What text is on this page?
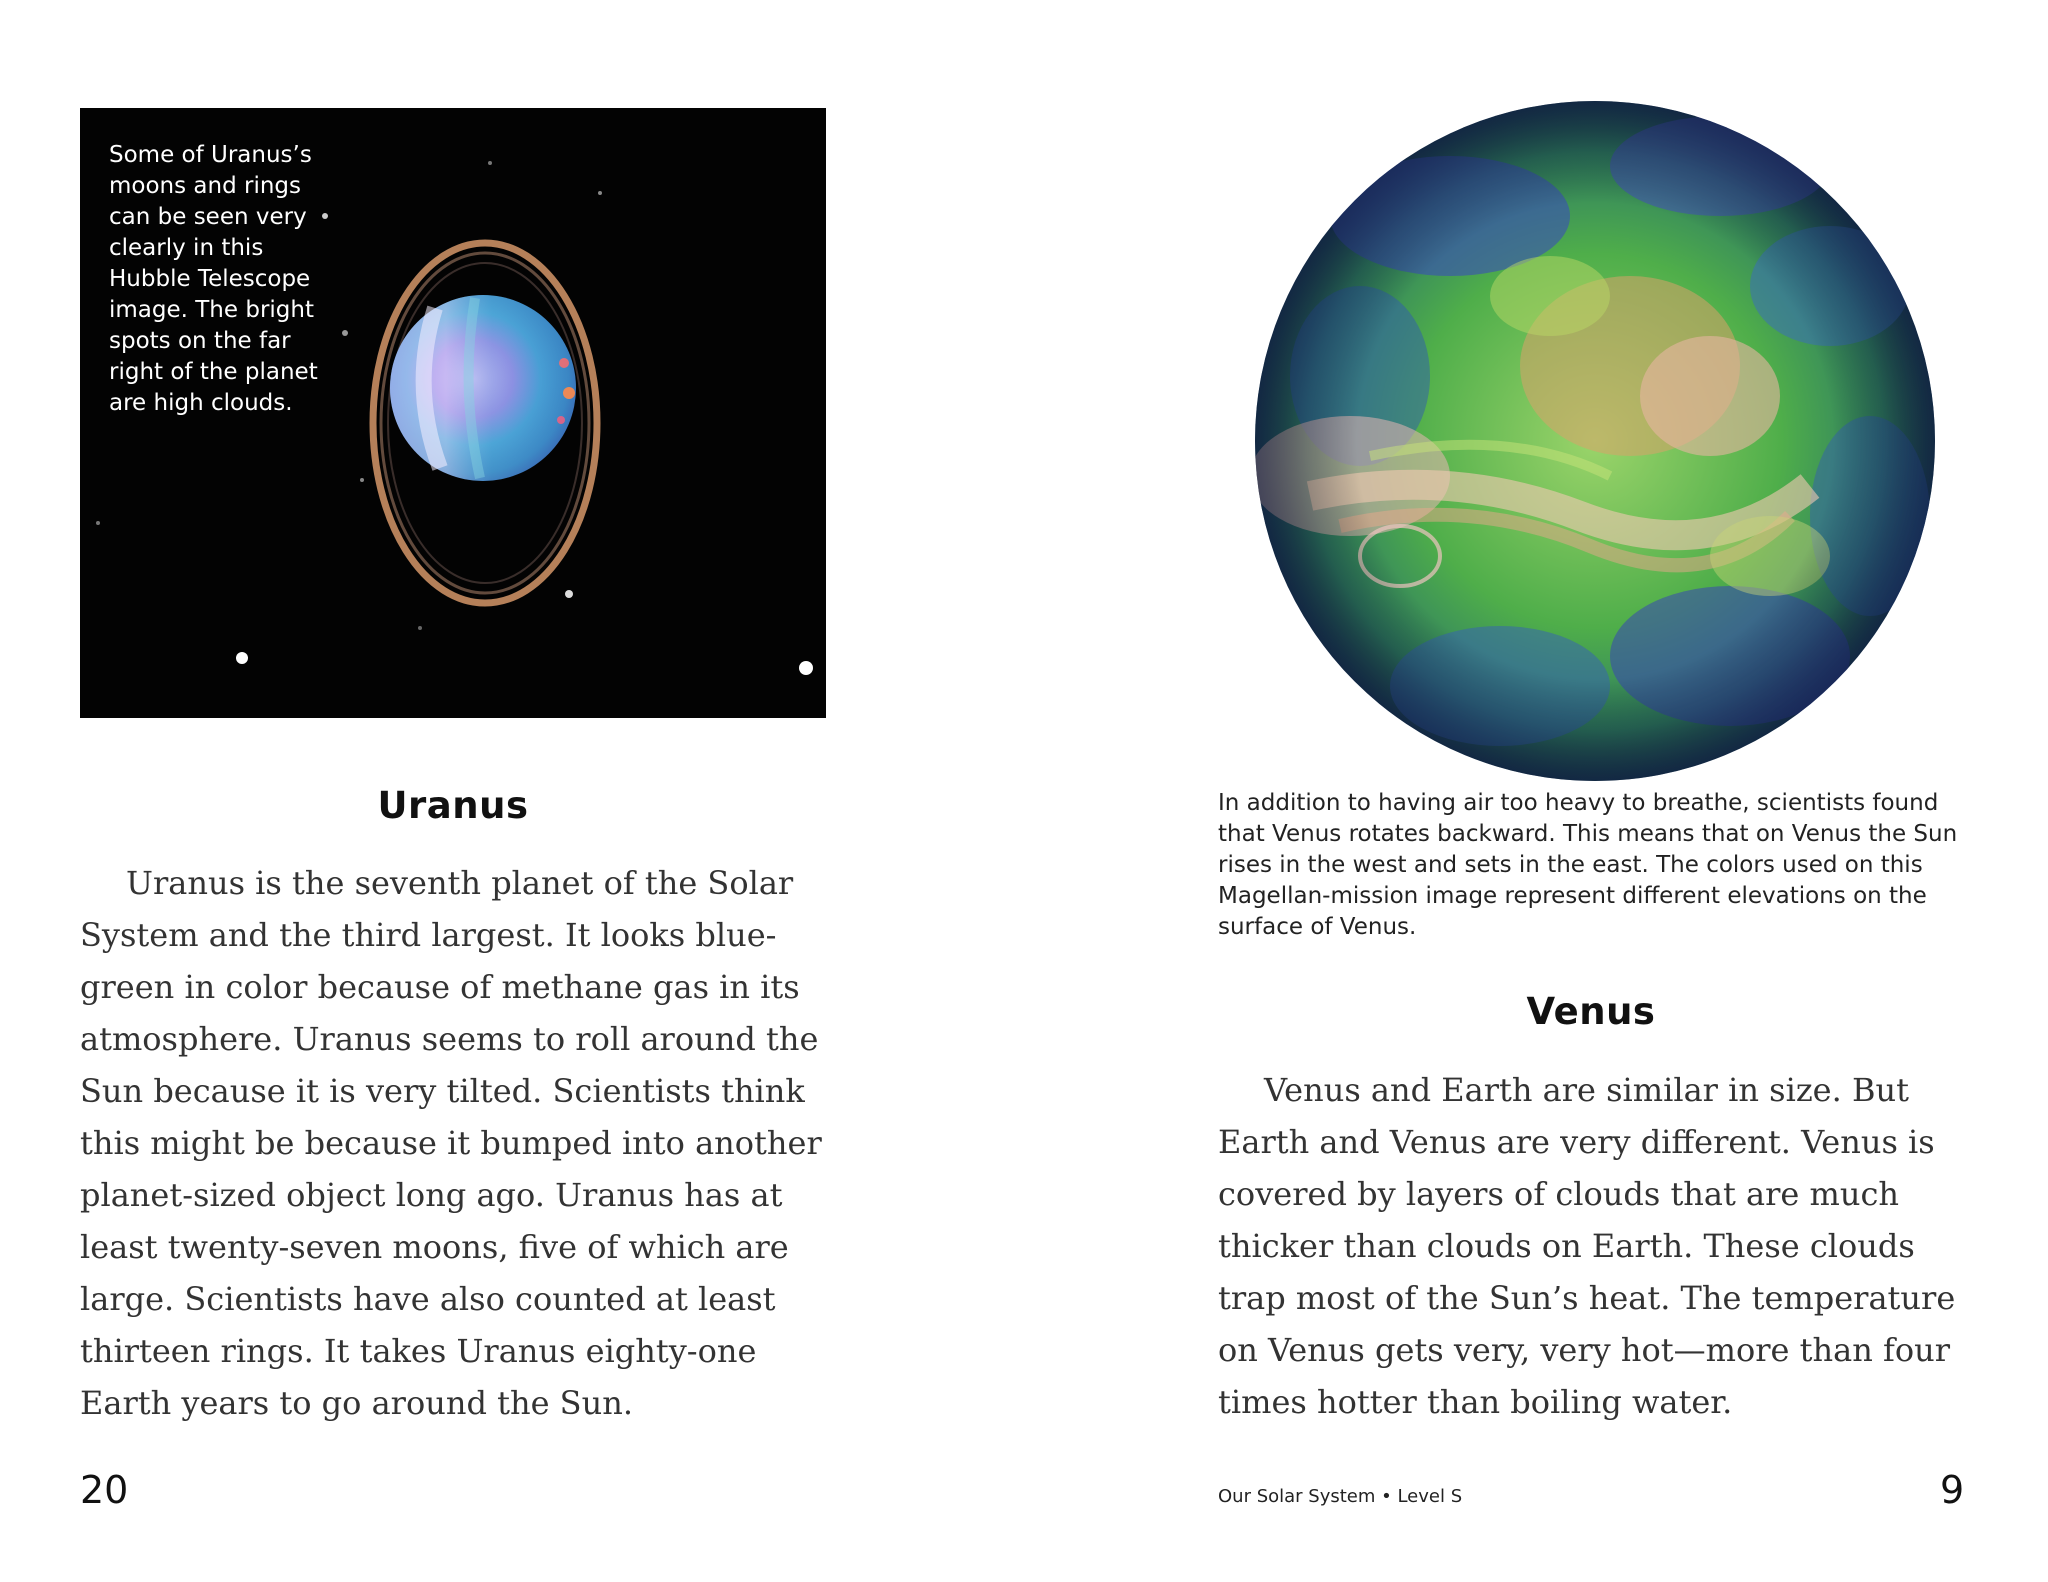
Some of Uranus’s
moons and rings
can be seen very
clearly in this
Hubble Telescope
image. The bright
spots on the far
right of the planet
are high clouds.
Uranus

Uranus is the seventh planet of the Solar System and the third largest. It looks blue-green in color because of methane gas in its atmosphere. Uranus seems to roll around the Sun because it is very tilted. Scientists think this might be because it bumped into another planet-sized object long ago. Uranus has at least twenty-seven moons, five of which are large. Scientists have also counted at least thirteen rings. It takes Uranus eighty-one Earth years to go around the Sun.

20

In addition to having air too heavy to breathe, scientists found that Venus rotates backward. This means that on Venus the Sun rises in the west and sets in the east. The colors used on this Magellan-mission image represent different elevations on the surface of Venus.

Venus

Venus and Earth are similar in size. But Earth and Venus are very different. Venus is covered by layers of clouds that are much thicker than clouds on Earth. These clouds trap most of the Sun’s heat. The temperature on Venus gets very, very hot—more than four times hotter than boiling water.

Our Solar System • Level S	9
